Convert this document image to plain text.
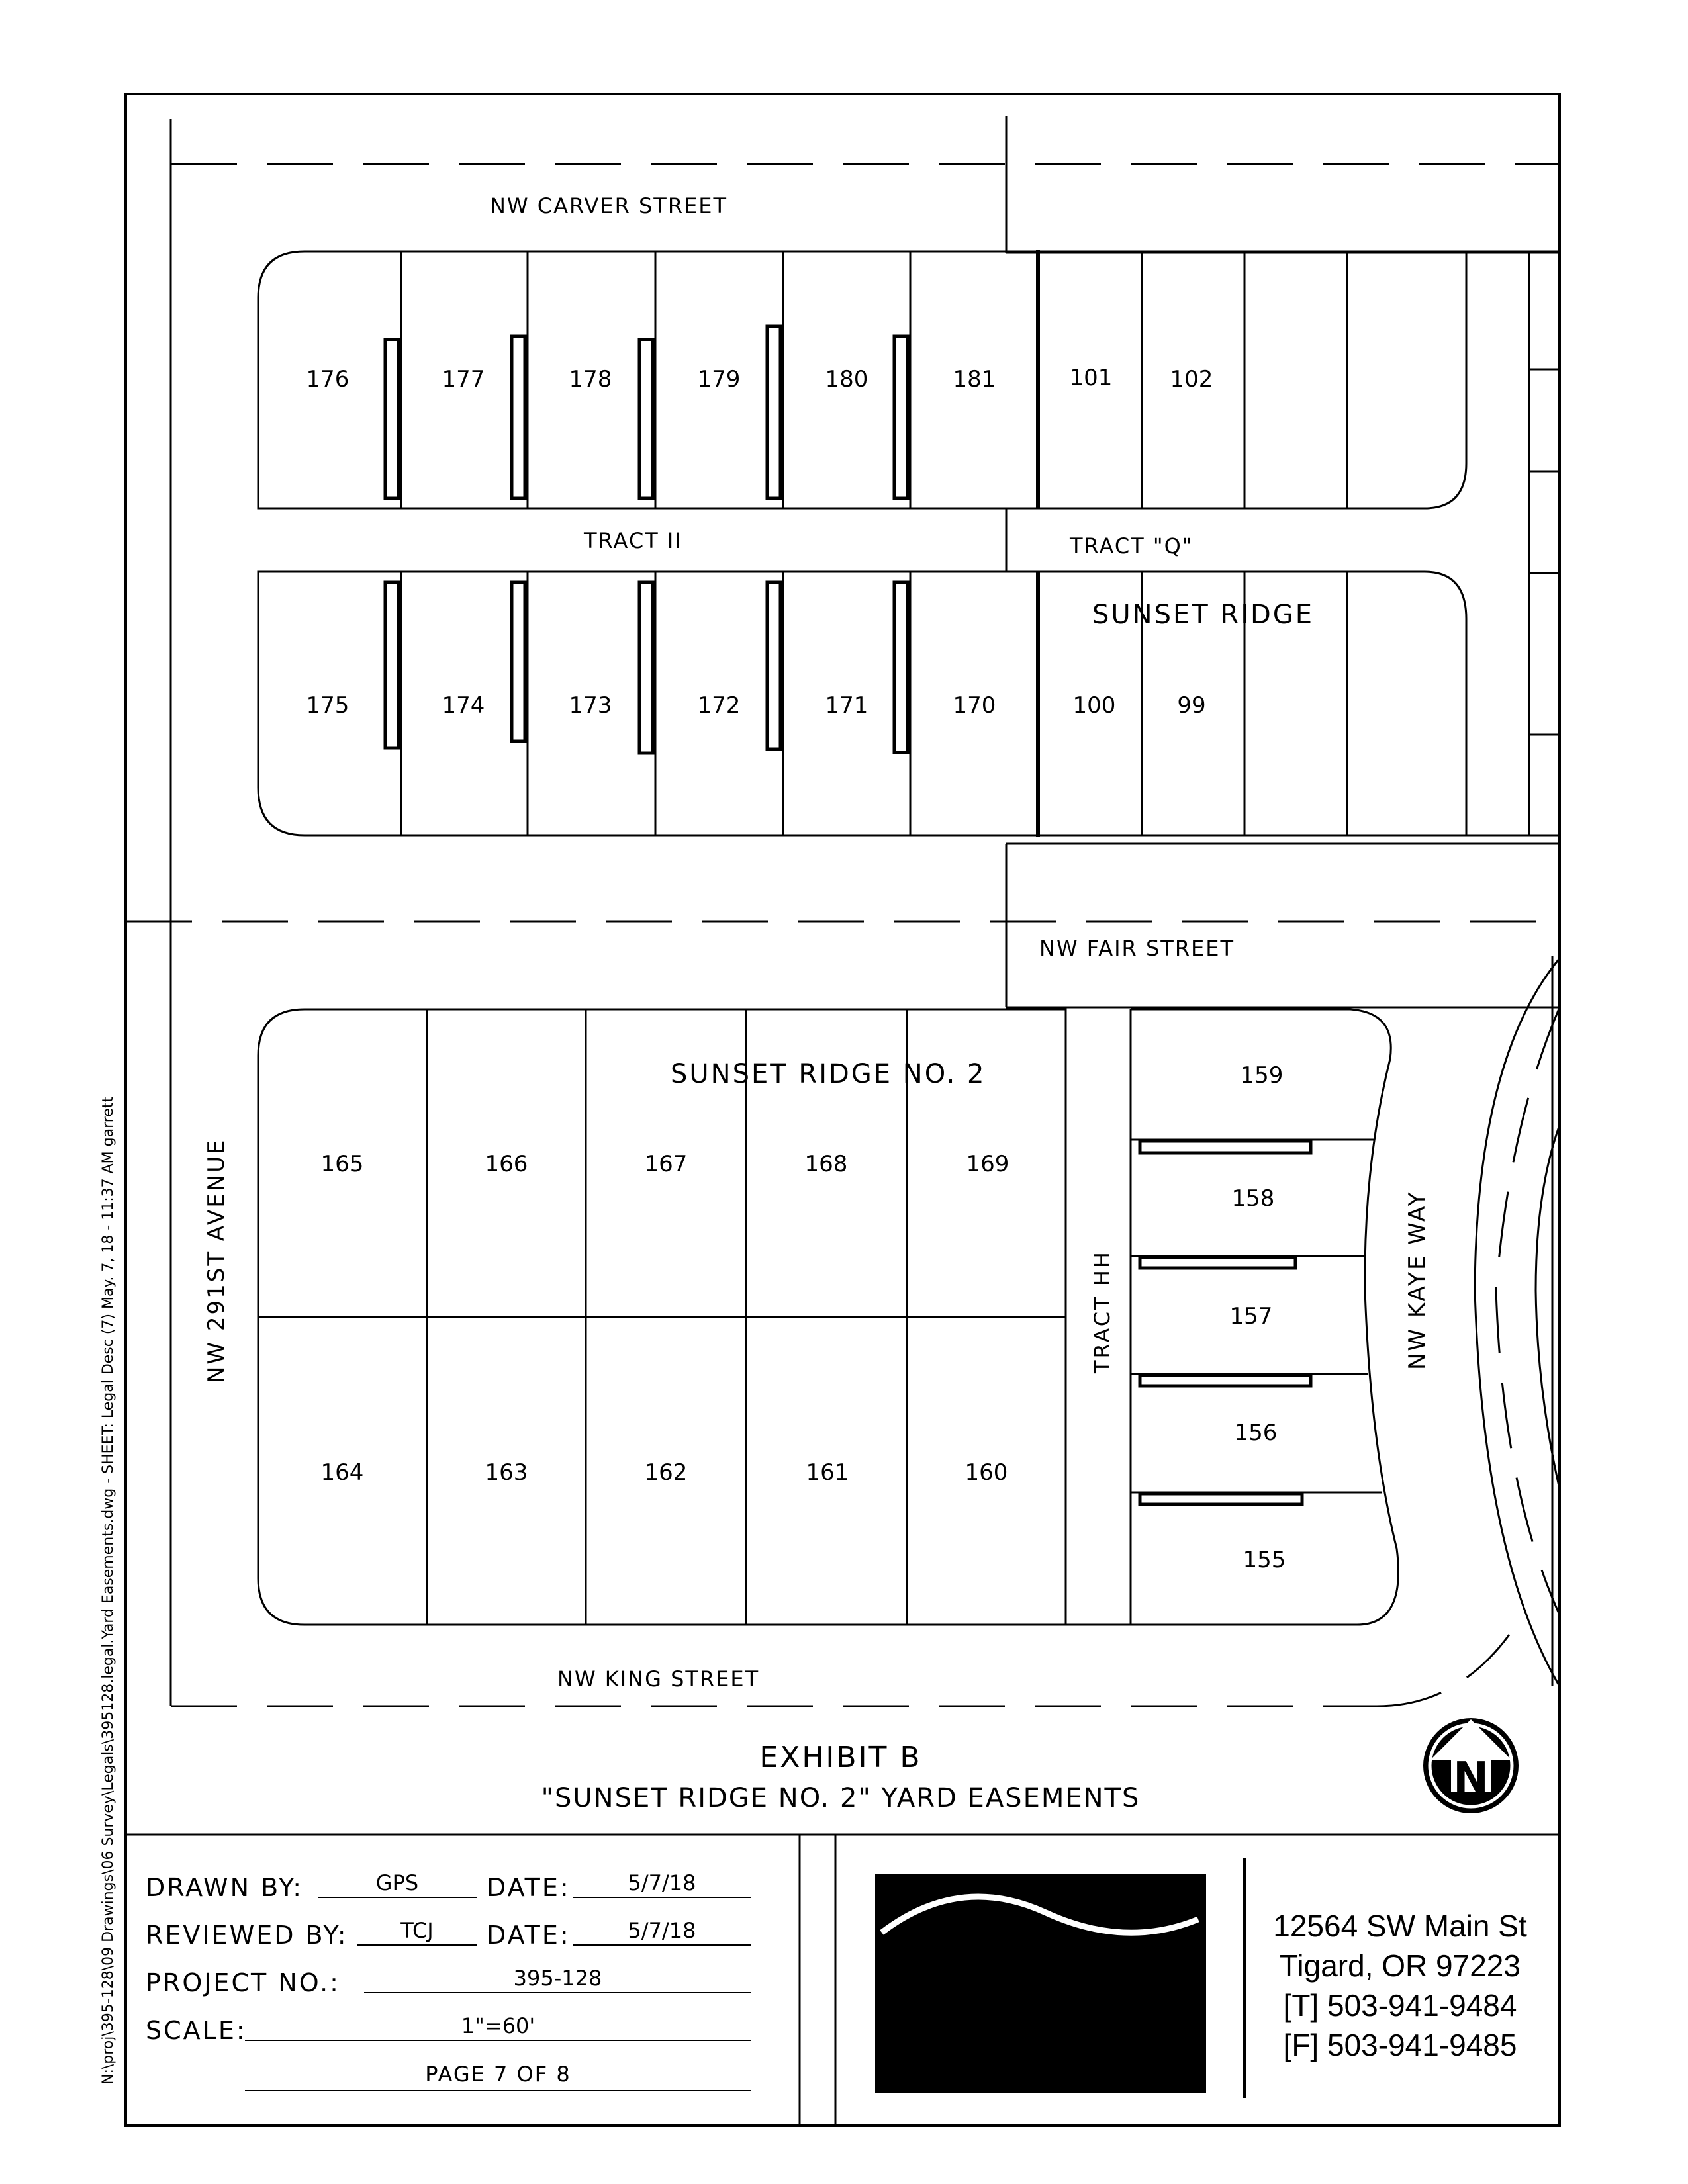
NW CARVER STREET
NW FAIR STREET
NW KING STREET
NW 291ST AVENUE	NW KAYE WAY
TRACT II	TRACT "Q"
TRACT HH
SUNSET RIDGE
SUNSET RIDGE NO. 2
176	177	178	179	180	181	101	102
175	174	173	172	171	170	100	99
165	166	167	168	169
164	163	162	161	160
159
158
157
156
155
EXHIBIT B
"SUNSET RIDGE NO. 2" YARD EASEMENTS	N
Pacific
Community
Design
N:\proj\395-128\09 Drawings\06 Survey\Legals\395128.legal.Yard Easements.dwg - SHEET: Legal Desc (7) May. 7, 18 - 11:37 AM garrett DRAWN BY:	GPS	DATE:	5/7/18
REVIEWED BY:	TCJ	DATE:	5/7/18
PROJECT NO.:	395-128
SCALE:	1"=60'
PAGE 7 OF 8
12564 SW Main St
Tigard, OR 97223
[T] 503-941-9484
[F] 503-941-9485
